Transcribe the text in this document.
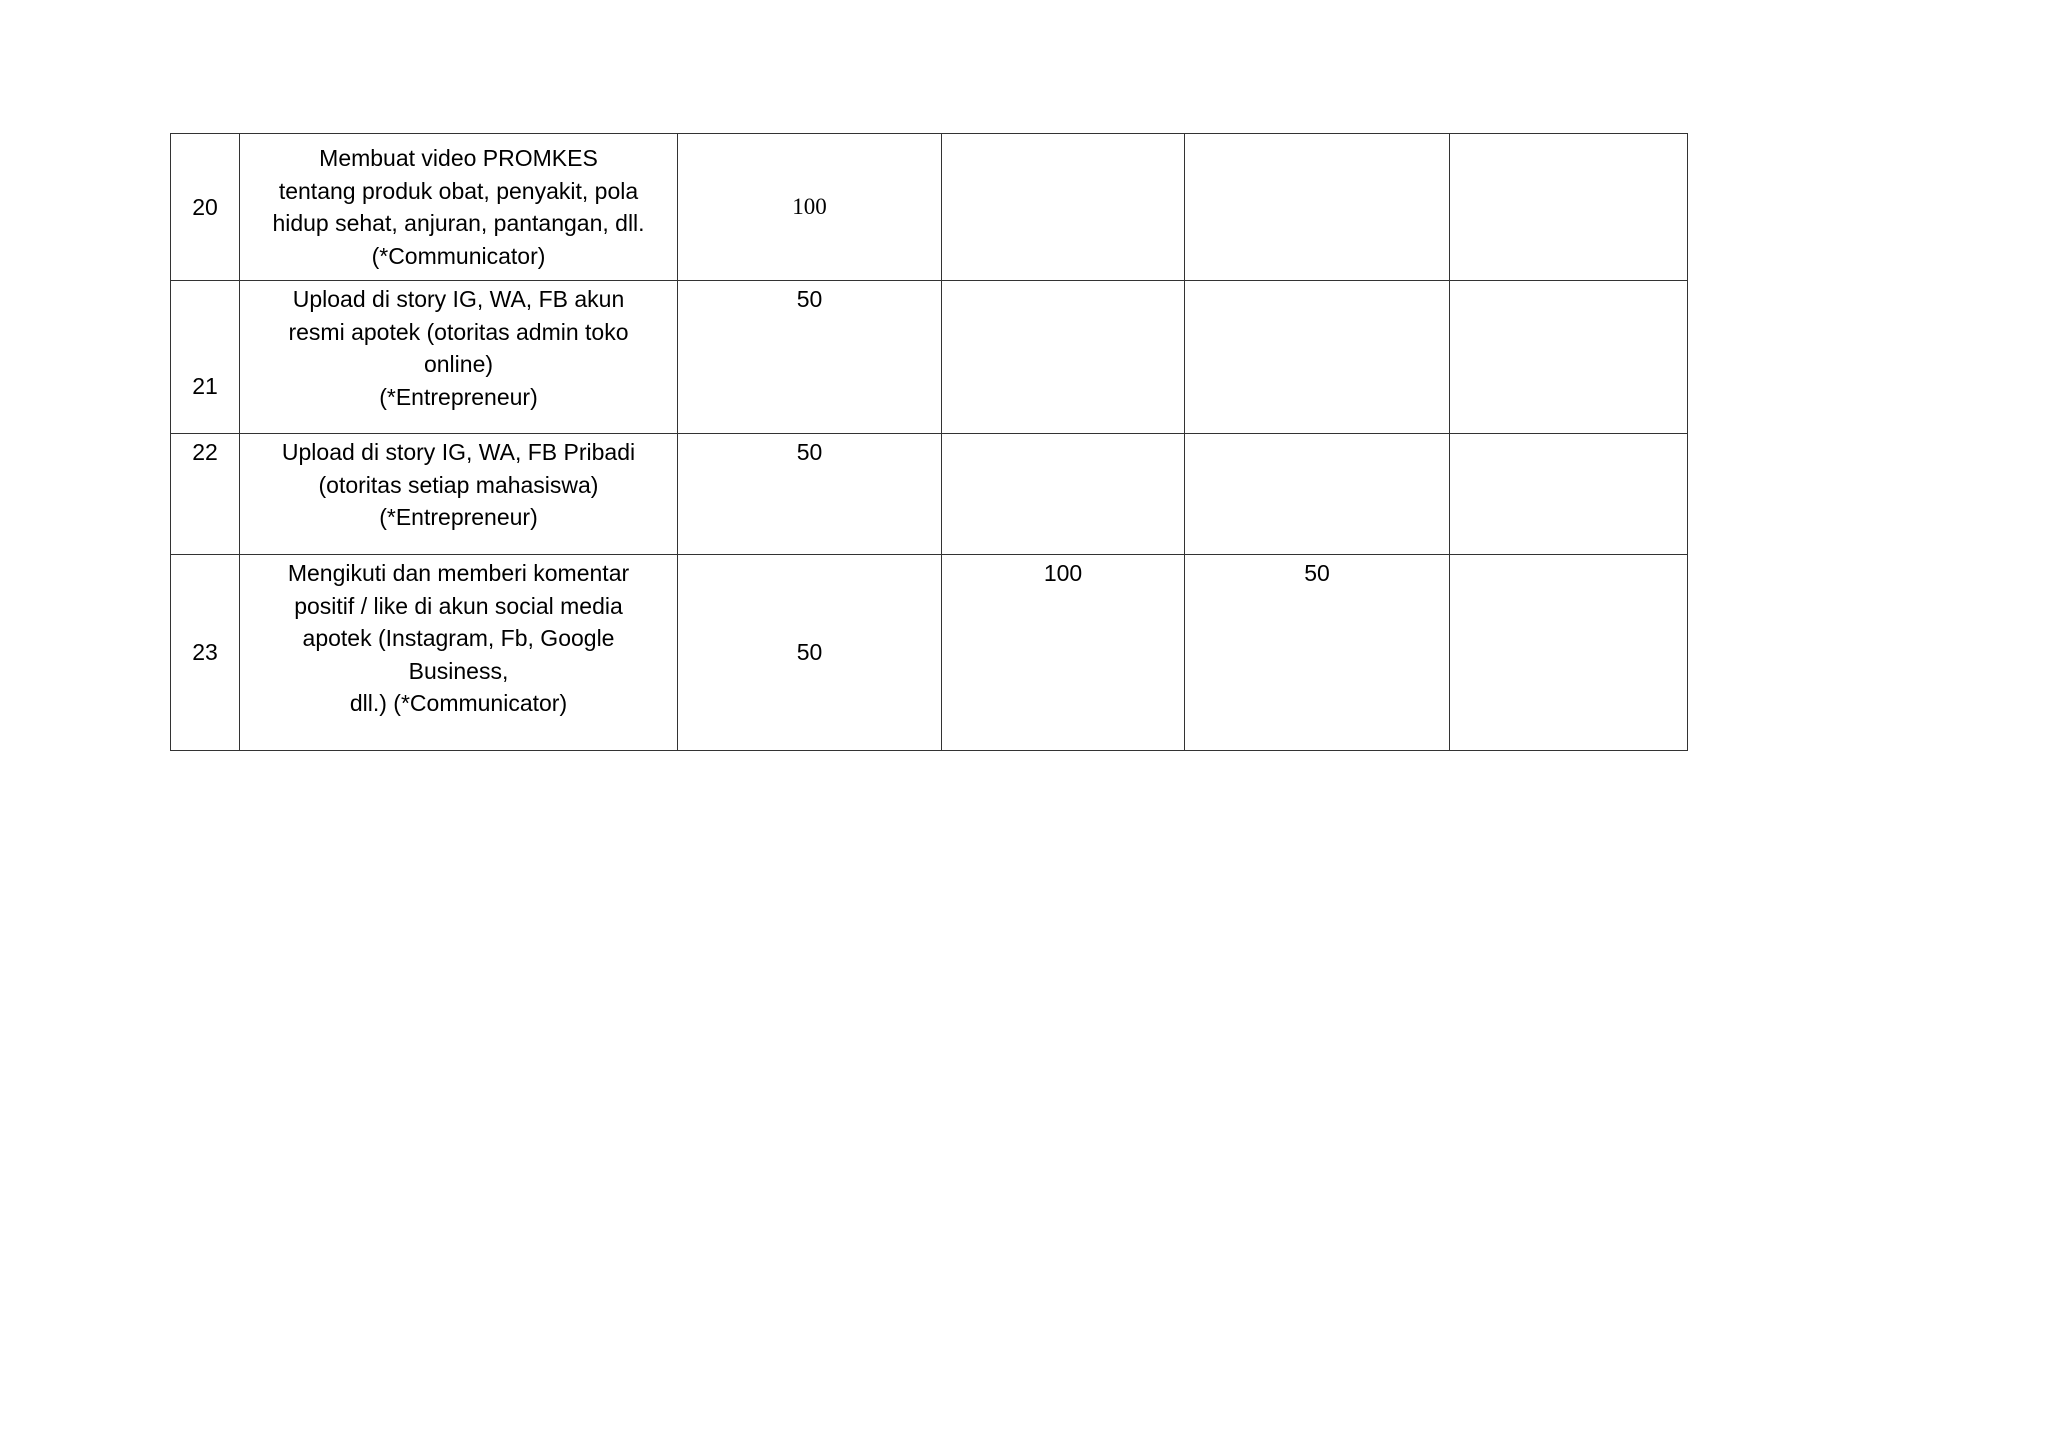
20	Membuat video PROMKES
tentang produk obat, penyakit, pola
hidup sehat, anjuran, pantangan, dll.
(*Communicator)	100			
21	Upload di story IG, WA, FB akun
resmi apotek (otoritas admin toko
online)
(*Entrepreneur)	50			
22	Upload di story IG, WA, FB Pribadi
(otoritas setiap mahasiswa)
(*Entrepreneur)	50			
23	Mengikuti dan memberi komentar
positif / like di akun social media
apotek (Instagram, Fb, Google
Business,
dll.) (*Communicator)	50	100	50	
